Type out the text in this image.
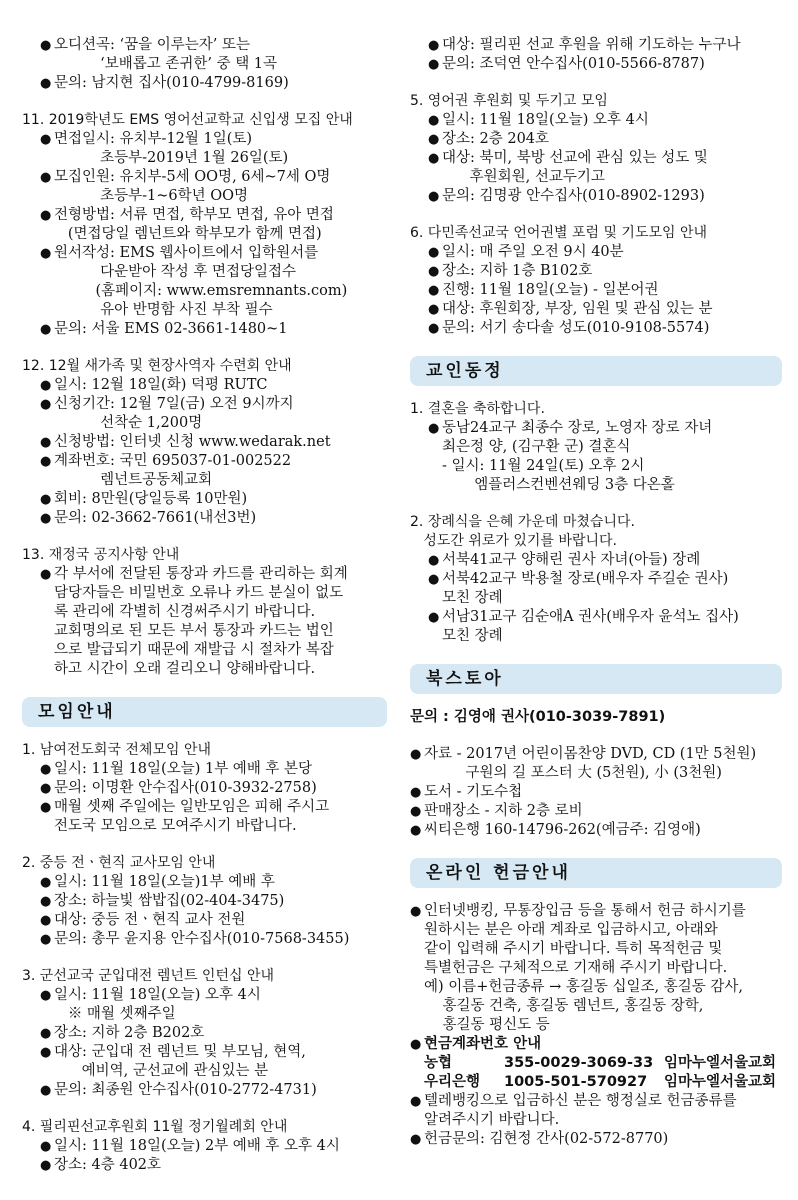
● 오디션곡: ‘꿈을 이루는자’ 또는
‘보배롭고 존귀한’ 중 택 1곡
● 문의: 남지현 집사(010-4799-8169)
11. 2019학년도 EMS 영어선교학교 신입생 모집 안내
● 면접일시: 유치부-12월 1일(토)
초등부-2019년 1월 26일(토)
● 모집인원: 유치부-5세 OO명, 6세~7세 O명
초등부-1~6학년 OO명
● 전형방법: 서류 면접, 학부모 면접, 유아 면접
(면접당일 렘넌트와 학부모가 함께 면접)
● 원서작성: EMS 웹사이트에서 입학원서를
다운받아 작성 후 면접당일접수
(홈페이지: www.emsremnants.com)
유아 반명함 사진 부착 필수
● 문의: 서울 EMS 02-3661-1480~1
12. 12월 새가족 및 현장사역자 수련회 안내
● 일시: 12월 18일(화) 덕평 RUTC
● 신청기간: 12월 7일(금) 오전 9시까지
선착순 1,200명
● 신청방법: 인터넷 신청 www.wedarak.net
● 계좌번호: 국민 695037-01-002522
렘넌트공동체교회
● 회비: 8만원(당일등록 10만원)
● 문의: 02-3662-7661(내선3번)
13. 재정국 공지사항 안내
● 각 부서에 전달된 통장과 카드를 관리하는 회계
담당자들은 비밀번호 오류나 카드 분실이 없도
록 관리에 각별히 신경써주시기 바랍니다.
교회명의로 된 모든 부서 통장과 카드는 법인
으로 발급되기 때문에 재발급 시 절차가 복잡
하고 시간이 오래 걸리오니 양해바랍니다.
모임안내
1. 남여전도회국 전체모임 안내
● 일시: 11월 18일(오늘) 1부 예배 후 본당
● 문의: 이명환 안수집사(010-3932-2758)
● 매월 셋째 주일에는 일반모임은 피해 주시고
전도국 모임으로 모여주시기 바랍니다.
2. 중등 전ㆍ현직 교사모임 안내
● 일시: 11월 18일(오늘)1부 예배 후
● 장소: 하늘빛 쌈밥집(02-404-3475)
● 대상: 중등 전ㆍ현직 교사 전원
● 문의: 총무 윤지용 안수집사(010-7568-3455)
3. 군선교국 군입대전 렘넌트 인턴십 안내
● 일시: 11월 18일(오늘) 오후 4시
※ 매월 셋째주일
● 장소: 지하 2층 B202호
● 대상: 군입대 전 렘넌트 및 부모님, 현역,
예비역, 군선교에 관심있는 분
● 문의: 최종원 안수집사(010-2772-4731)
4. 필리핀선교후원회 11월 정기월례회 안내
● 일시: 11월 18일(오늘) 2부 예배 후 오후 4시
● 장소: 4층 402호
● 대상: 필리핀 선교 후원을 위해 기도하는 누구나
● 문의: 조덕연 안수집사(010-5566-8787)
5. 영어권 후원회 및 두기고 모임
● 일시: 11월 18일(오늘) 오후 4시
● 장소: 2층 204호
● 대상: 북미, 북방 선교에 관심 있는 성도 및
후원회원, 선교두기고
● 문의: 김명광 안수집사(010-8902-1293)
6. 다민족선교국 언어권별 포럼 및 기도모임 안내
● 일시: 매 주일 오전 9시 40분
● 장소: 지하 1층 B102호
● 진행: 11월 18일(오늘) - 일본어권
● 대상: 후원회장, 부장, 임원 및 관심 있는 분
● 문의: 서기 송다솔 성도(010-9108-5574)
교인동정
1. 결혼을 축하합니다.
● 동남24교구 최종수 장로, 노영자 장로 자녀
최은정 양, (김구환 군) 결혼식
- 일시: 11월 24일(토) 오후 2시
엠플러스컨벤션웨딩 3층 다온홀
2. 장례식을 은혜 가운데 마쳤습니다.
성도간 위로가 있기를 바랍니다.
● 서북41교구 양해린 권사 자녀(아들) 장례
● 서북42교구 박용철 장로(배우자 주길순 권사)
모친 장례
● 서남31교구 김순애A 권사(배우자 윤석노 집사)
모친 장례
북스토아
문의 : 김영애 권사(010-3039-7891)
● 자료 - 2017년 어린이몸찬양 DVD, CD (1만 5천원)
구원의 길 포스터 大 (5천원), 小 (3천원)
● 도서 - 기도수첩
● 판매장소 - 지하 2층 로비
● 씨티은행 160-14796-262(예금주: 김영애)
온라인 헌금안내
● 인터넷뱅킹, 무통장입금 등을 통해서 헌금 하시기를
원하시는 분은 아래 계좌로 입금하시고, 아래와
같이 입력해 주시기 바랍니다. 특히 목적헌금 및
특별헌금은 구체적으로 기재해 주시기 바랍니다.
예) 이름+헌금종류 → 홍길동 십일조, 홍길동 감사,
홍길동 건축, 홍길동 렘넌트, 홍길동 장학,
홍길동 평신도 등
● 현금계좌번호 안내
농협	355-0029-3069-33 임마누엘서울교회
우리은행	1005-501-570927	임마누엘서울교회
● 텔레뱅킹으로 입금하신 분은 행정실로 헌금종류를
알려주시기 바랍니다.
● 헌금문의: 김현정 간사(02-572-8770)
